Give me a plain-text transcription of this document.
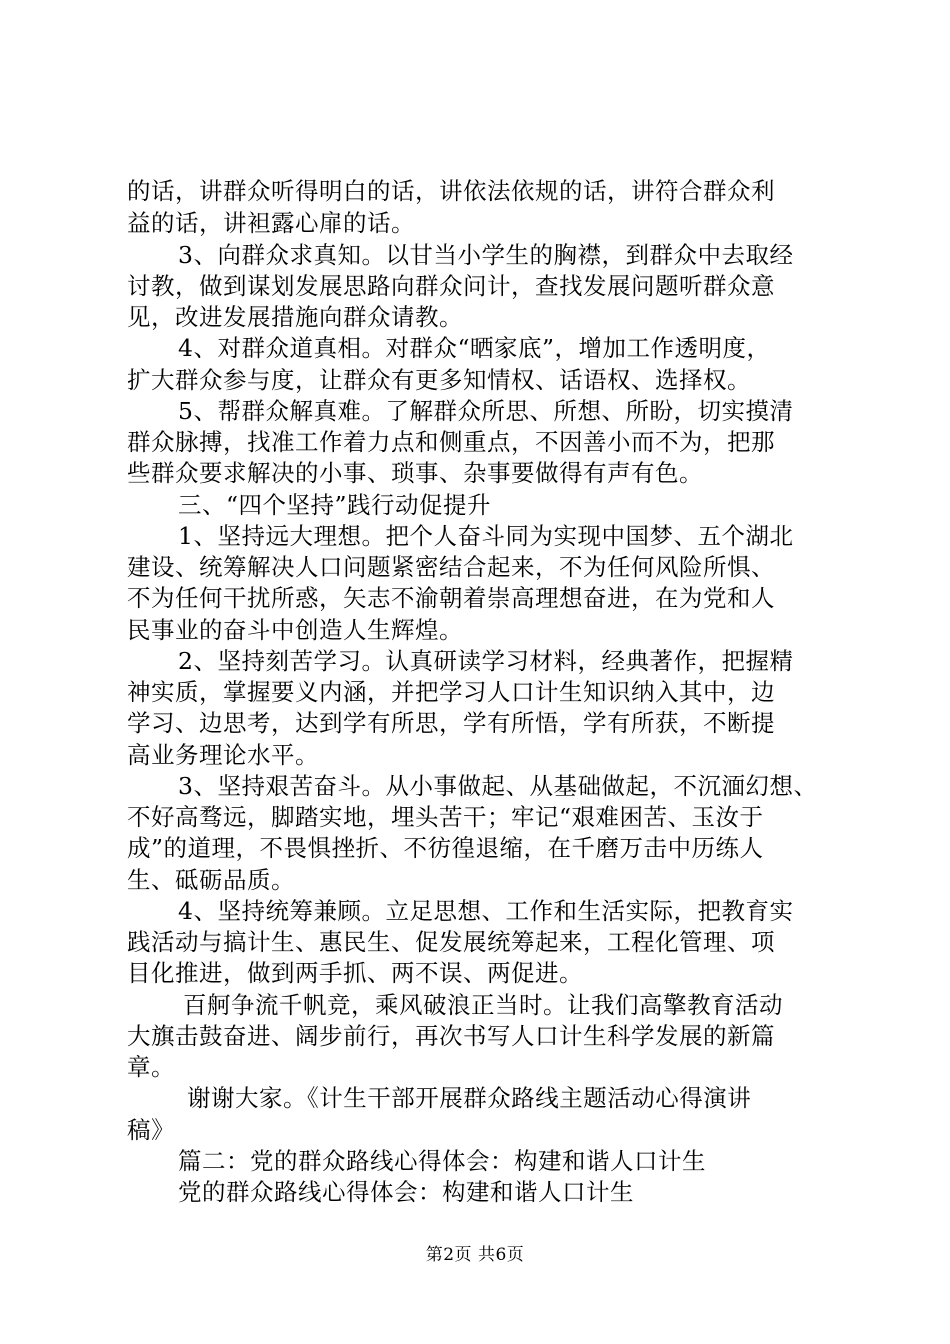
的话，讲群众听得明白的话，讲依法依规的话，讲符合群众利
益的话，讲袒露心扉的话。
3、向群众求真知。以甘当小学生的胸襟，到群众中去取经
讨教，做到谋划发展思路向群众问计，查找发展问题听群众意
见，改进发展措施向群众请教。
4、对群众道真相。对群众“晒家底”，增加工作透明度，
扩大群众参与度，让群众有更多知情权、话语权、选择权。
5、帮群众解真难。了解群众所思、所想、所盼，切实摸清
群众脉搏，找准工作着力点和侧重点，不因善小而不为，把那
些群众要求解决的小事、琐事、杂事要做得有声有色。
三、“四个坚持”践行动促提升
1、坚持远大理想。把个人奋斗同为实现中国梦、五个湖北
建设、统筹解决人口问题紧密结合起来，不为任何风险所惧、
不为任何干扰所惑，矢志不渝朝着崇高理想奋进，在为党和人
民事业的奋斗中创造人生辉煌。
2、坚持刻苦学习。认真研读学习材料，经典著作，把握精
神实质，掌握要义内涵，并把学习人口计生知识纳入其中，边
学习、边思考，达到学有所思，学有所悟，学有所获，不断提
高业务理论水平。
3、坚持艰苦奋斗。从小事做起、从基础做起，不沉湎幻想、
不好高骛远，脚踏实地，埋头苦干；牢记“艰难困苦、玉汝于
成”的道理，不畏惧挫折、不彷徨退缩，在千磨万击中历练人
生、砥砺品质。
4、坚持统筹兼顾。立足思想、工作和生活实际，把教育实
践活动与搞计生、惠民生、促发展统筹起来，工程化管理、项
目化推进，做到两手抓、两不误、两促进。
百舸争流千帆竞，乘风破浪正当时。让我们高擎教育活动
大旗击鼓奋进、阔步前行，再次书写人口计生科学发展的新篇
章。
谢谢大家。《计生干部开展群众路线主题活动心得演讲
稿》
篇二：党的群众路线心得体会：构建和谐人口计生
党的群众路线心得体会：构建和谐人口计生
第2页 共6页
